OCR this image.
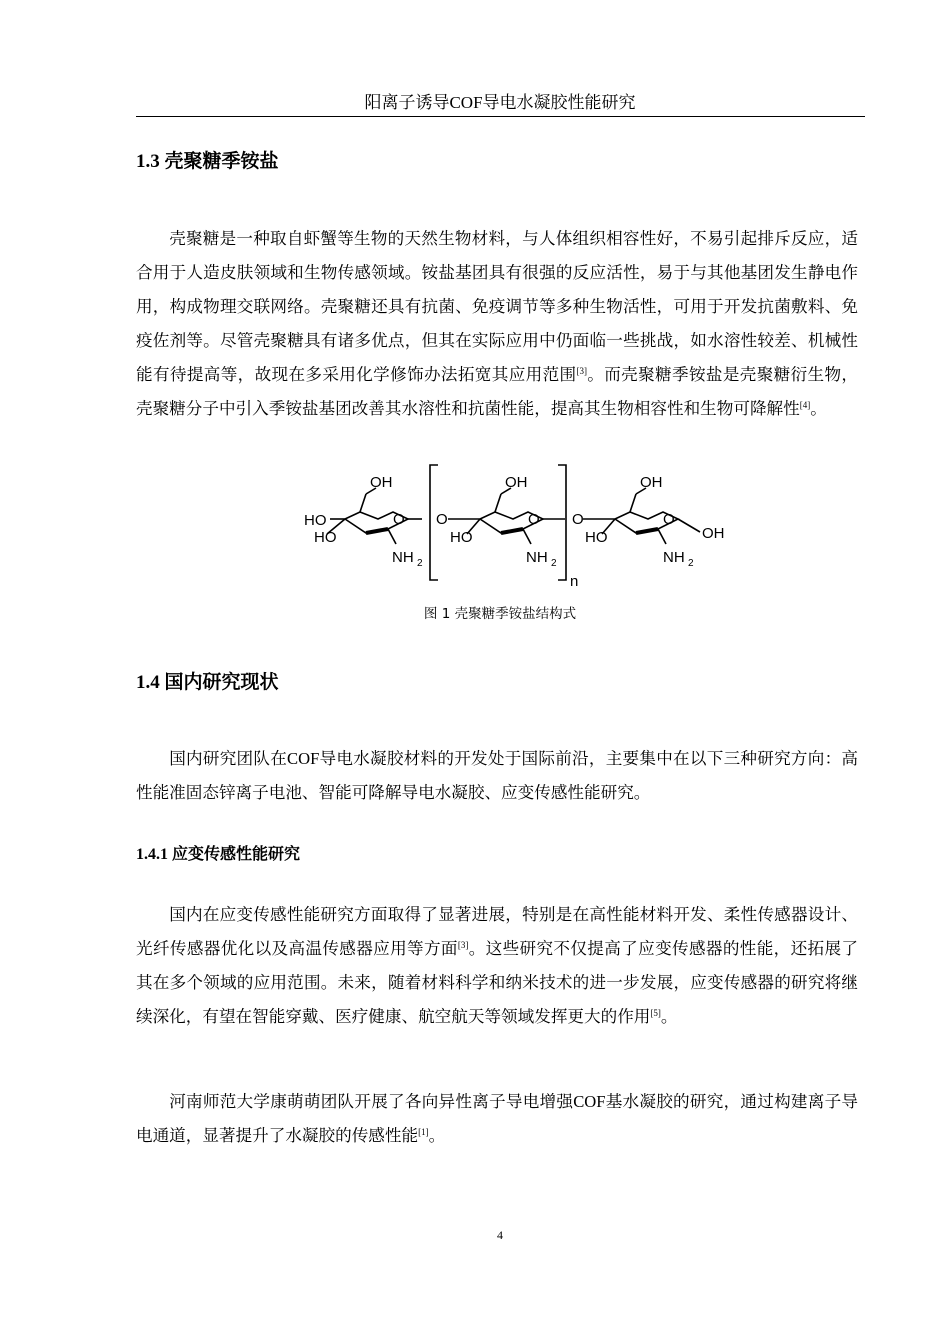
阳离子诱导COF导电水凝胶性能研究
1.3 壳聚糖季铵盐
壳聚糖是一种取自虾蟹等生物的天然生物材料，与人体组织相容性好，不易引起排斥反应，适合用于人造皮肤领域和生物传感领域。铵盐基团具有很强的反应活性，易于与其他基团发生静电作用，构成物理交联网络。壳聚糖还具有抗菌、免疫调节等多种生物活性，可用于开发抗菌敷料、免疫佐剂等。尽管壳聚糖具有诸多优点，但其在实际应用中仍面临一些挑战，如水溶性较差、机械性能有待提高等，故现在多采用化学修饰办法拓宽其应用范围[3]。而壳聚糖季铵盐是壳聚糖衍生物，壳聚糖分子中引入季铵盐基团改善其水溶性和抗菌性能，提高其生物相容性和生物可降解性[4]。
OH
HO
HO
O
NH 2
O
OH
HO
O
NH 2
n
O
OH
HO
O
NH 2
OH
图 1 壳聚糖季铵盐结构式
1.4 国内研究现状
国内研究团队在COF导电水凝胶材料的开发处于国际前沿，主要集中在以下三种研究方向：高性能准固态锌离子电池、智能可降解导电水凝胶、应变传感性能研究。
1.4.1 应变传感性能研究
国内在应变传感性能研究方面取得了显著进展，特别是在高性能材料开发、柔性传感器设计、光纤传感器优化以及高温传感器应用等方面[3]。这些研究不仅提高了应变传感器的性能，还拓展了其在多个领域的应用范围。未来，随着材料科学和纳米技术的进一步发展，应变传感器的研究将继续深化，有望在智能穿戴、医疗健康、航空航天等领域发挥更大的作用[5]。
河南师范大学康萌萌团队开展了各向异性离子导电增强COF基水凝胶的研究，通过构建离子导电通道，显著提升了水凝胶的传感性能[1]。
4
